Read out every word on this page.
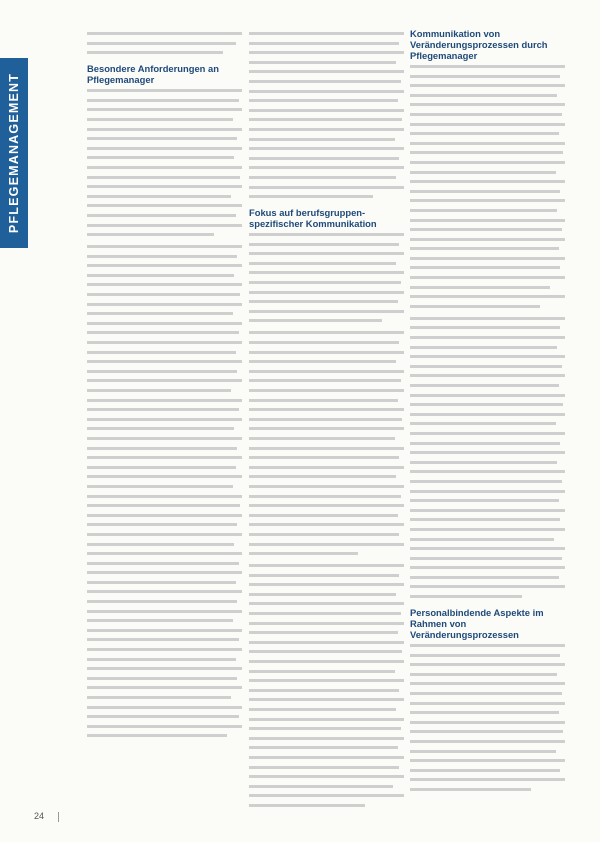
PFLEGEMANAGEMENT
Besondere Anforderungen an Pflegemanager
Fokus auf berufsgruppen-spezifischer Kommunikation
Kommunikation von Veränderungsprozessen durch Pflegemanager
Personalbindende Aspekte im Rahmen von Veränderungsprozessen
24
